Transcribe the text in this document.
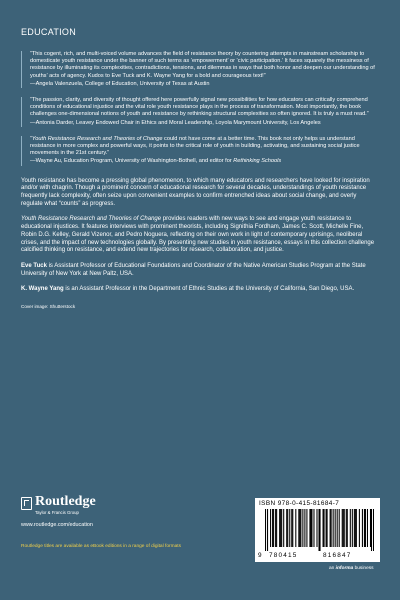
EDUCATION

“This cogent, rich, and multi-voiced volume advances the field of resistance theory by countering attempts in mainstream scholarship to domesticate youth resistance under the banner of such terms as ‘empowerment’ or ‘civic participation.’ It faces squarely the messiness of resistance by illuminating its complexities, contradictions, tensions, and dilemmas in ways that both honor and deepen our understanding of youths’ acts of agency. Kudos to Eve Tuck and K. Wayne Yang for a bold and courageous text!”

—Angela Valenzuela, College of Education, University of Texas at Austin

“The passion, clarity, and diversity of thought offered here powerfully signal new possibilities for how educators can critically comprehend conditions of educational injustice and the vital role youth resistance plays in the process of transformation. Most importantly, the book challenges one-dimensional notions of youth and resistance by rethinking structural complexities so often ignored. It is truly a must read.”

—Antonia Darder, Leavey Endowed Chair in Ethics and Moral Leadership, Loyola Marymount University, Los Angeles

“Youth Resistance Research and Theories of Change could not have come at a better time. This book not only helps us understand resistance in more complex and powerful ways, it points to the critical role of youth in building, activating, and sustaining social justice movements in the 21st century.”

—Wayne Au, Education Program, University of Washington-Bothell, and editor for Rethinking Schools

Youth resistance has become a pressing global phenomenon, to which many educators and researchers have looked for inspiration and/or with chagrin. Though a prominent concern of educational research for several decades, understandings of youth resistance frequently lack complexity, often seize upon convenient examples to confirm entrenched ideas about social change, and overly regulate what “counts” as progress.

Youth Resistance Research and Theories of Change provides readers with new ways to see and engage youth resistance to educational injustices. It features interviews with prominent theorists, including Signithia Fordham, James C. Scott, Michelle Fine, Robin D.G. Kelley, Gerald Vizenor, and Pedro Noguera, reflecting on their own work in light of contemporary uprisings, neoliberal crises, and the impact of new technologies globally. By presenting new studies in youth resistance, essays in this collection challenge calcified thinking on resistance, and extend new trajectories for research, collaboration, and justice.

Eve Tuck is Assistant Professor of Educational Foundations and Coordinator of the Native American Studies Program at the State University of New York at New Paltz, USA.

K. Wayne Yang is an Assistant Professor in the Department of Ethnic Studies at the University of California, San Diego, USA.

Cover image: Shutterstock
Routledge
Taylor & Francis Group
www.routledge.com/education
Routledge titles are available as eBook editions in a range of digital formats
ISBN 978-0-415-81684-7
9 780415	816847
an informa business
